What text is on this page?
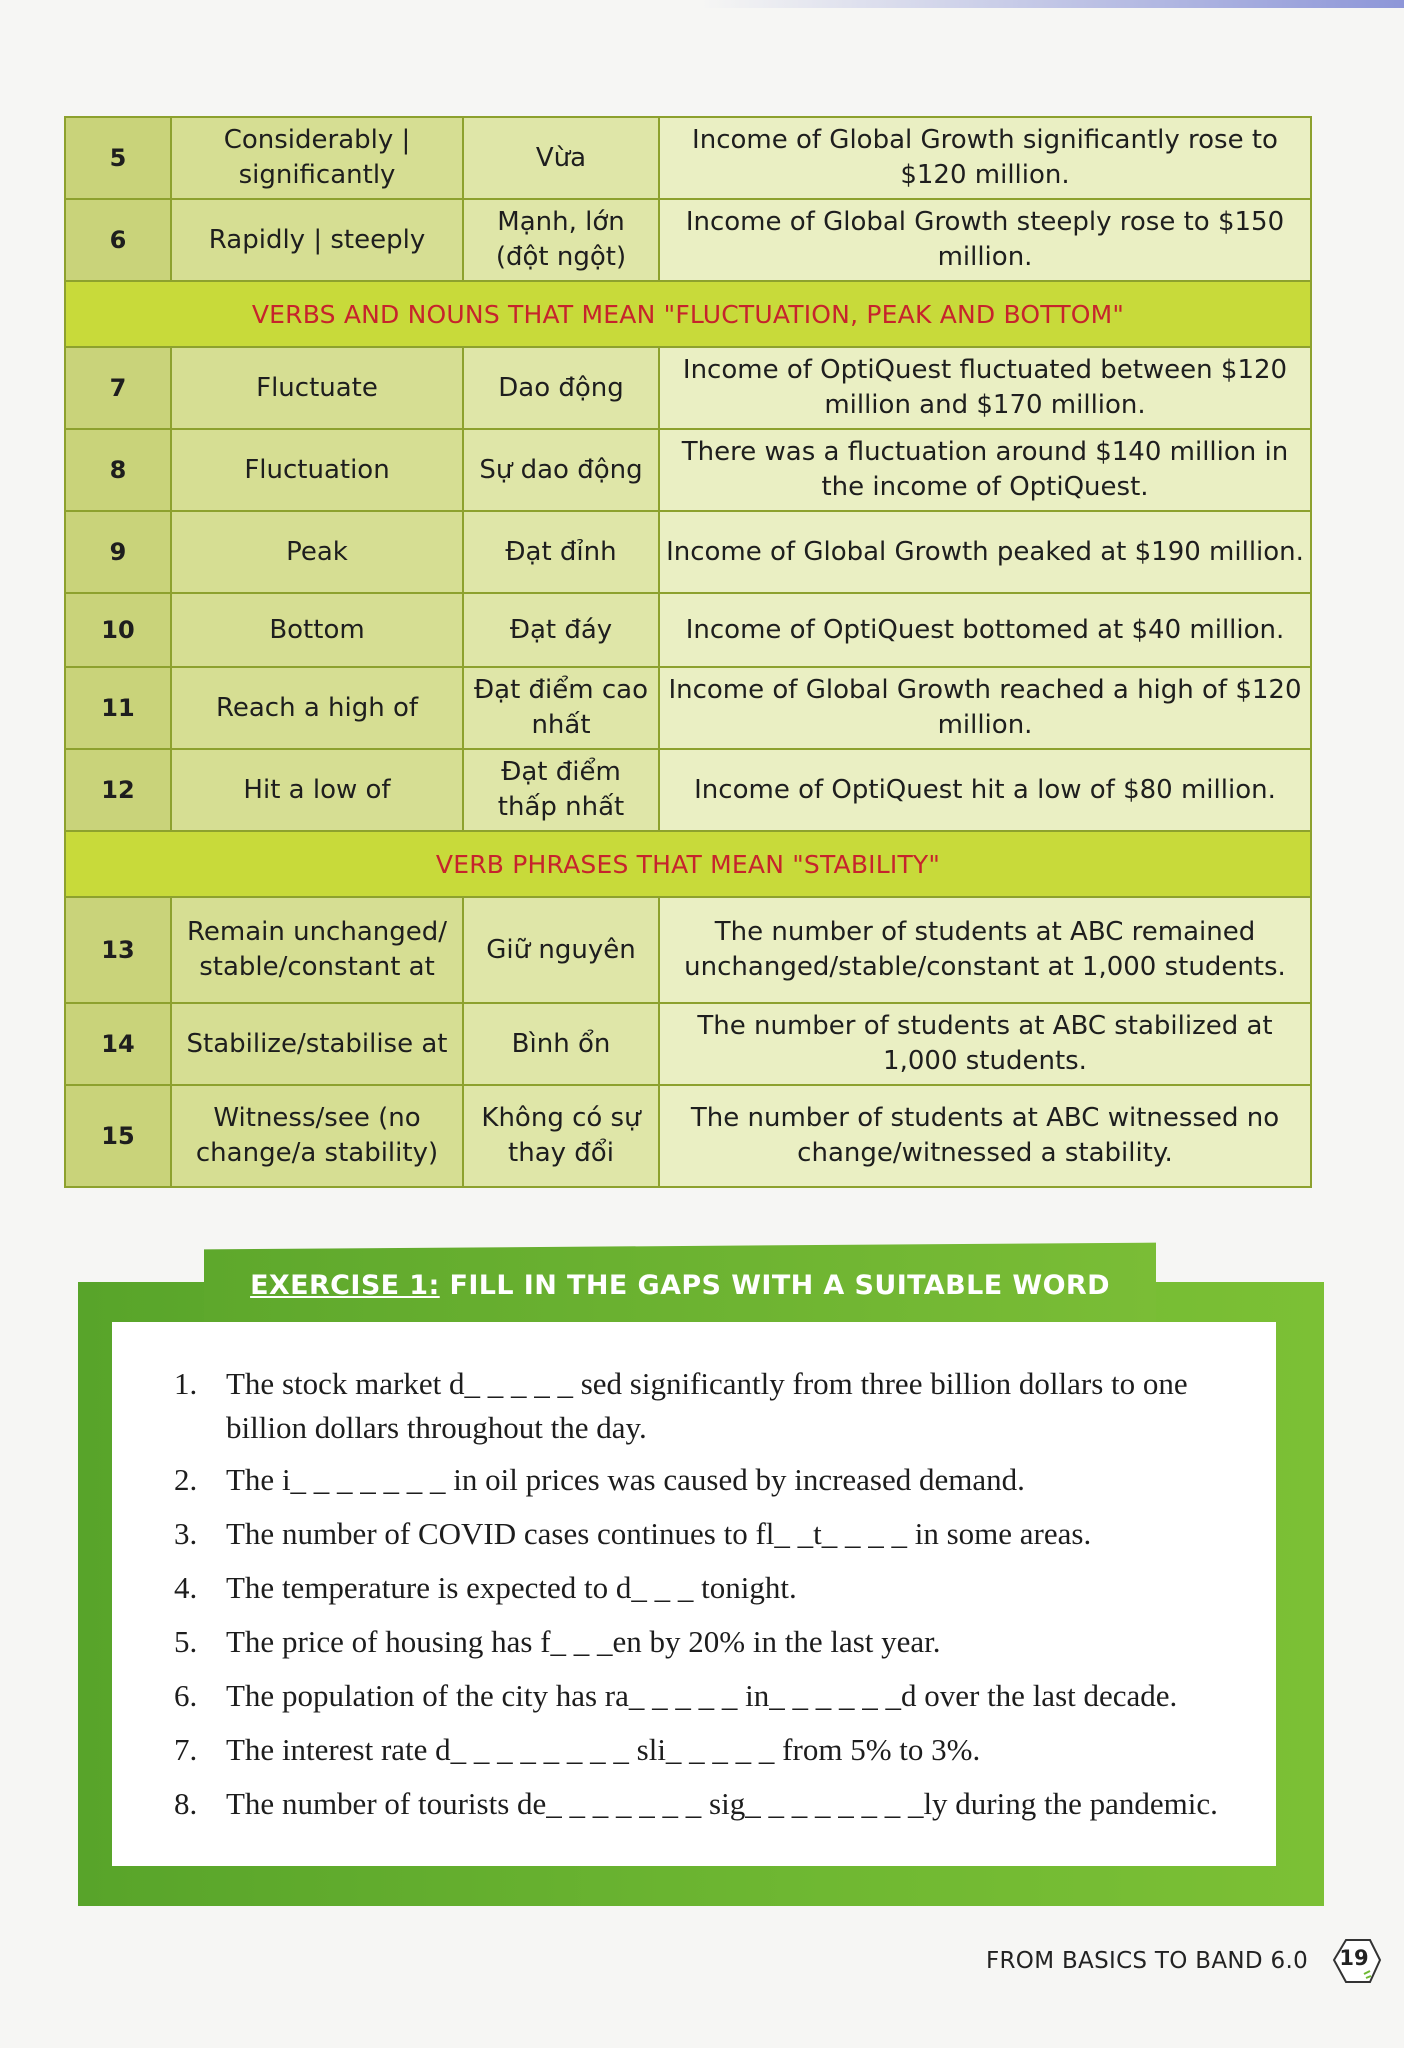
5	Considerably | significantly	Vừa	Income of Global Growth significantly rose to $120 million.
6	Rapidly | steeply	Mạnh, lớn (đột ngột)	Income of Global Growth steeply rose to $150 million.
VERBS AND NOUNS THAT MEAN "FLUCTUATION, PEAK AND BOTTOM"			
7	Fluctuate	Dao động	Income of OptiQuest fluctuated between $120 million and $170 million.
8	Fluctuation	Sự dao động	There was a fluctuation around $140 million in the income of OptiQuest.
9	Peak	Đạt đỉnh	Income of Global Growth peaked at $190 million.
10	Bottom	Đạt đáy	Income of OptiQuest bottomed at $40 million.
11	Reach a high of	Đạt điểm cao nhất	Income of Global Growth reached a high of $120 million.
12	Hit a low of	Đạt điểm thấp nhất	Income of OptiQuest hit a low of $80 million.
VERB PHRASES THAT MEAN "STABILITY"			
13	Remain unchanged/ stable/constant at	Giữ nguyên	The number of students at ABC remained unchanged/stable/constant at 1,000 students.
14	Stabilize/stabilise at	Bình ổn	The number of students at ABC stabilized at 1,000 students.
15	Witness/see (no change/a stability)	Không có sự thay đổi	The number of students at ABC witnessed no change/witnessed a stability.
EXERCISE 1: FILL IN THE GAPS WITH A SUITABLE WORD
1. The stock market d_ _ _ _ _ sed significantly from three billion dollars to one billion dollars throughout the day.
2. The i_ _ _ _ _ _ _ in oil prices was caused by increased demand.
3. The number of COVID cases continues to fl_ _t_ _ _ _ in some areas.
4. The temperature is expected to d_ _ _ tonight.
5. The price of housing has f_ _ _en by 20% in the last year.
6. The population of the city has ra_ _ _ _ _ in_ _ _ _ _ _d over the last decade.
7. The interest rate d_ _ _ _ _ _ _ _ sli_ _ _ _ _ from 5% to 3%.
8. The number of tourists de_ _ _ _ _ _ _ sig_ _ _ _ _ _ _ _ly during the pandemic.
FROM BASICS TO BAND 6.0 19
